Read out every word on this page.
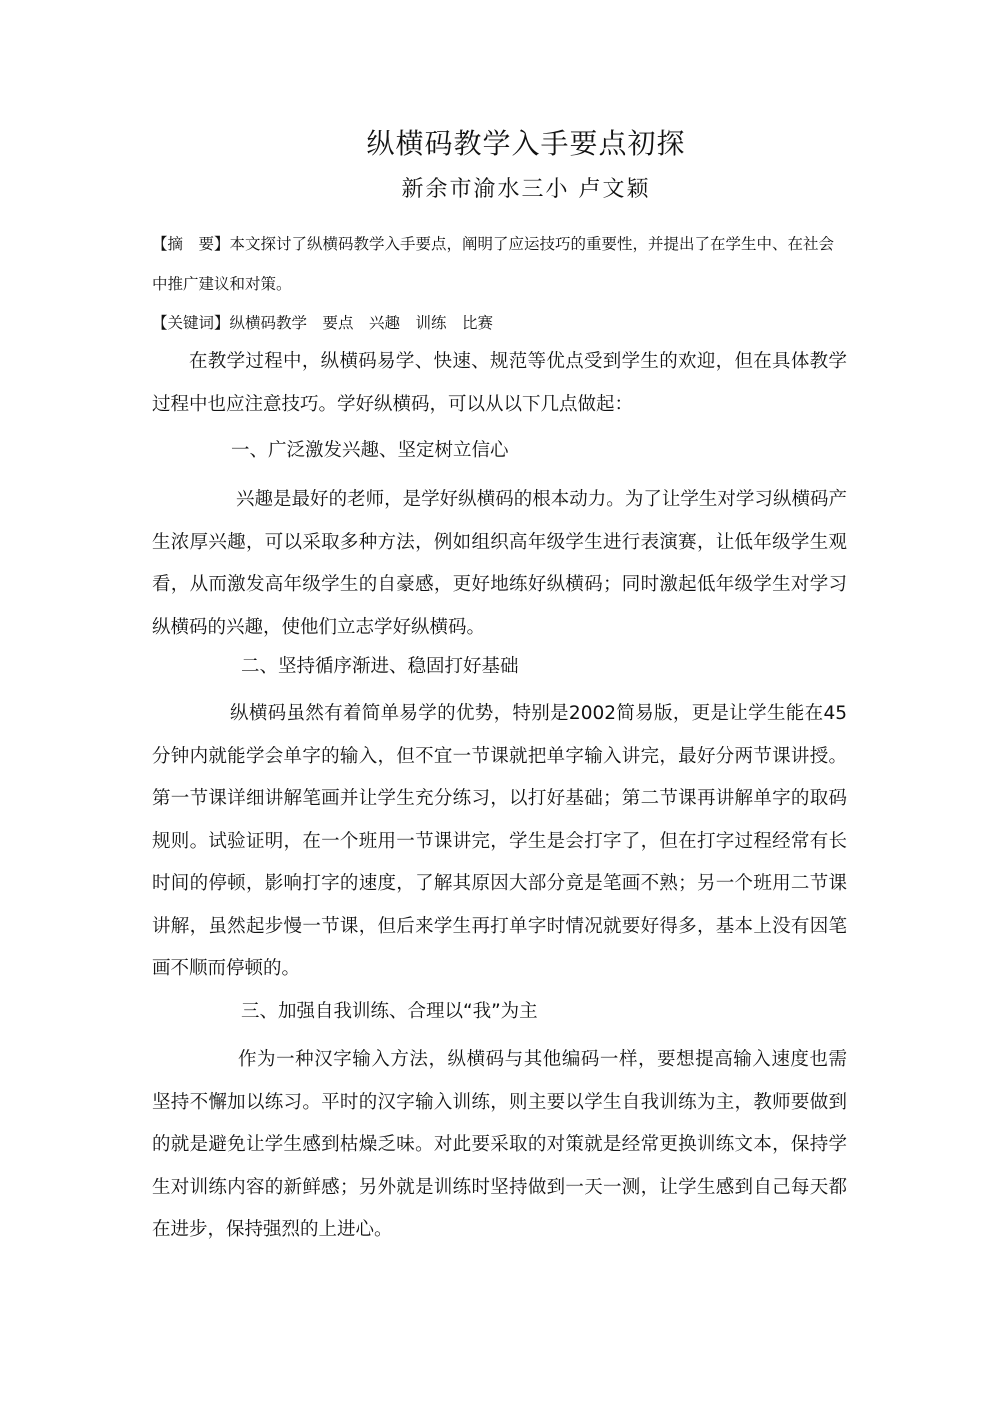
纵横码教学入手要点初探
新余市渝水三小 卢文颖
【摘　要】本文探讨了纵横码教学入手要点，阐明了应运技巧的重要性，并提出了在学生中、在社会中推广建议和对策。
【关键词】纵横码教学　要点　兴趣　训练　比赛
在教学过程中，纵横码易学、快速、规范等优点受到学生的欢迎，但在具体教学过程中也应注意技巧。学好纵横码，可以从以下几点做起：
一、广泛激发兴趣、坚定树立信心
兴趣是最好的老师，是学好纵横码的根本动力。为了让学生对学习纵横码产生浓厚兴趣，可以采取多种方法，例如组织高年级学生进行表演赛，让低年级学生观看，从而激发高年级学生的自豪感，更好地练好纵横码；同时激起低年级学生对学习纵横码的兴趣，使他们立志学好纵横码。
二、坚持循序渐进、稳固打好基础
纵横码虽然有着简单易学的优势，特别是2002简易版，更是让学生能在45分钟内就能学会单字的输入，但不宜一节课就把单字输入讲完，最好分两节课讲授。第一节课详细讲解笔画并让学生充分练习，以打好基础；第二节课再讲解单字的取码规则。试验证明，在一个班用一节课讲完，学生是会打字了，但在打字过程经常有长时间的停顿，影响打字的速度，了解其原因大部分竟是笔画不熟；另一个班用二节课讲解，虽然起步慢一节课，但后来学生再打单字时情况就要好得多，基本上没有因笔画不顺而停顿的。
三、加强自我训练、合理以“我”为主
作为一种汉字输入方法，纵横码与其他编码一样，要想提高输入速度也需坚持不懈加以练习。平时的汉字输入训练，则主要以学生自我训练为主，教师要做到的就是避免让学生感到枯燥乏味。对此要采取的对策就是经常更换训练文本，保持学生对训练内容的新鲜感；另外就是训练时坚持做到一天一测，让学生感到自己每天都在进步，保持强烈的上进心。
